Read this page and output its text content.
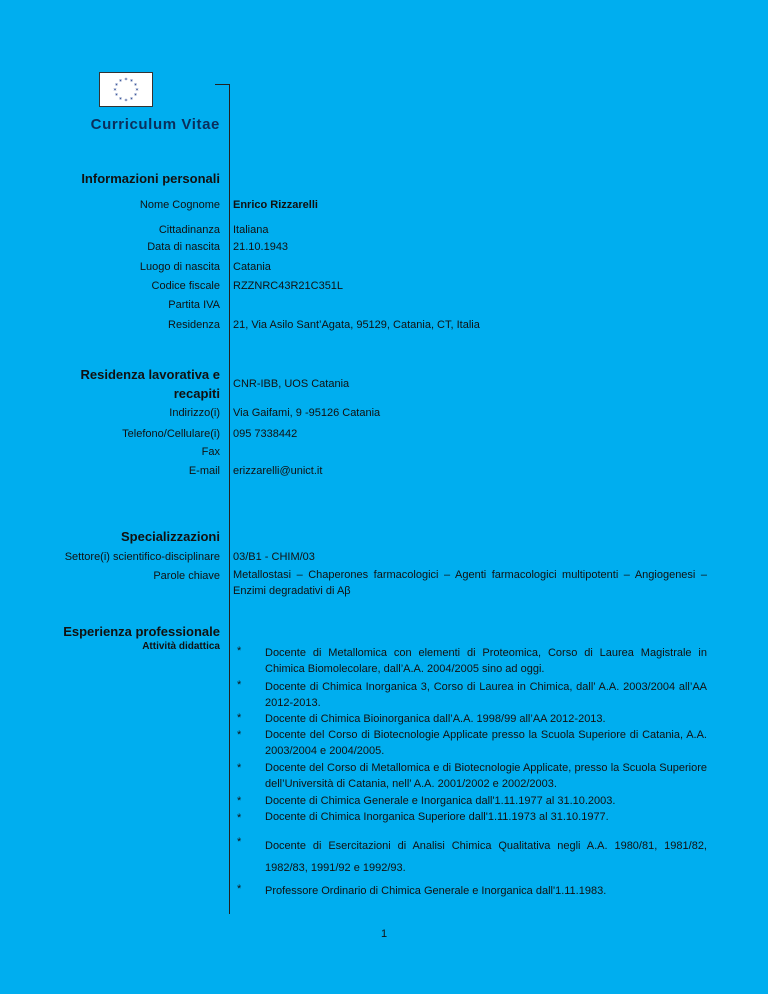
* *
*
*
*
*
*
*
*
*
*
*
Curriculum Vitae
Informazioni personali
Nome Cognome Enrico Rizzarelli
Cittadinanza Italiana
Data di nascita 21.10.1943
Luogo di nascita Catania
Codice fiscale RZZNRC43R21C351L
Partita IVA
Residenza 21, Via Asilo Sant’Agata, 95129, Catania, CT, Italia
Residenza lavorativa e
recapiti
CNR-IBB, UOS Catania
Indirizzo(i) Via Gaifami, 9 -95126 Catania
Telefono/Cellulare(i) 095 7338442
Fax
E-mail erizzarelli@unict.it
Specializzazioni
Settore(i) scientifico-disciplinare 03/B1 - CHIM/03
Parole chiave Metallostasi – Chaperones farmacologici – Agenti farmacologici multipotenti – Angiogenesi – Enzimi degradativi di Aβ
Esperienza professionale
Attività didattica * Docente di Metallomica con elementi di Proteomica, Corso di Laurea Magistrale in Chimica Biomolecolare, dall’A.A. 2004/2005 sino ad oggi.
* Docente di Chimica Inorganica 3, Corso di Laurea in Chimica, dall’ A.A. 2003/2004 all’AA 2012-2013.
* Docente di Chimica Bioinorganica dall’A.A. 1998/99 all’AA 2012-2013.
* Docente del Corso di Biotecnologie Applicate presso la Scuola Superiore di Catania, A.A. 2003/2004 e 2004/2005.
* Docente del Corso di Metallomica e di Biotecnologie Applicate, presso la Scuola Superiore dell’Università di Catania, nell’ A.A. 2001/2002 e 2002/2003.
* Docente di Chimica Generale e Inorganica dall'1.11.1977 al 31.10.2003.
* Docente di Chimica Inorganica Superiore dall'1.11.1973 al 31.10.1977.
* Docente di Esercitazioni di Analisi Chimica Qualitativa negli A.A. 1980/81, 1981/82, 1982/83, 1991/92 e 1992/93.
* Professore Ordinario di Chimica Generale e Inorganica dall'1.11.1983.
1
